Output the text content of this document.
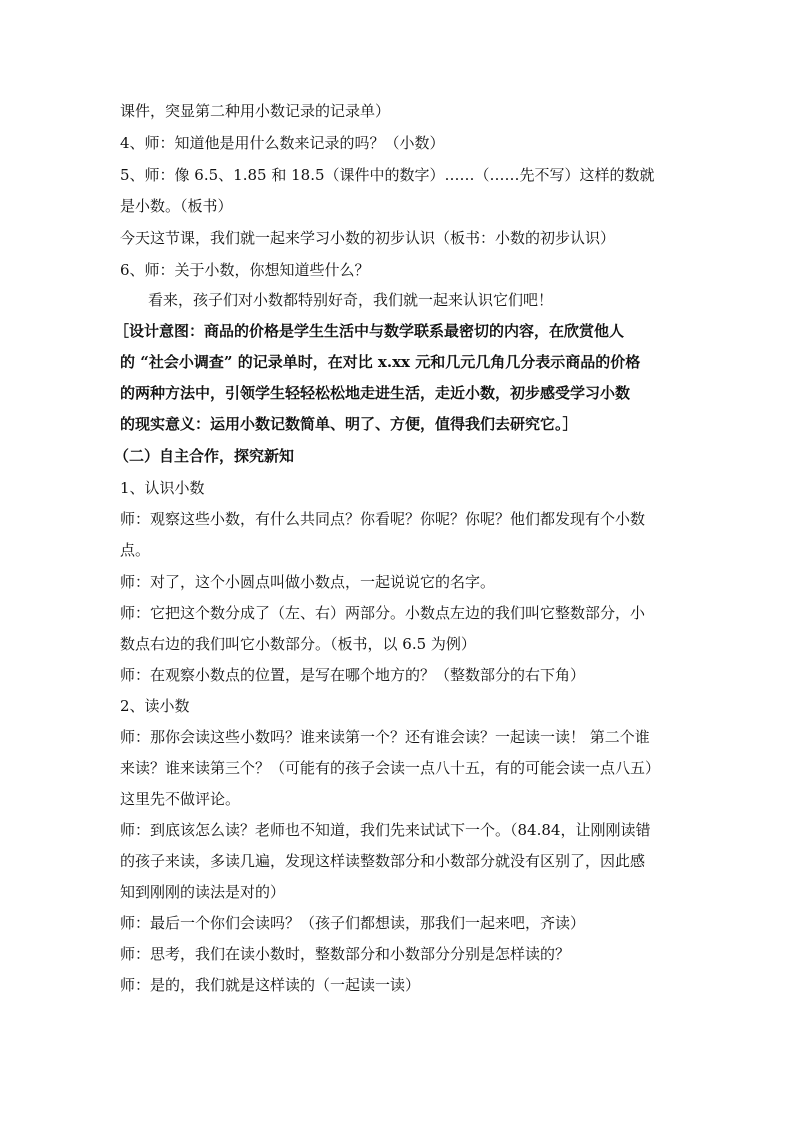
课件，突显第二种用小数记录的记录单）
4、师：知道他是用什么数来记录的吗？（小数）
5、师：像 6.5、1.85 和 18.5（课件中的数字）……（……先不写）这样的数就
是小数。（板书）
今天这节课，我们就一起来学习小数的初步认识（板书：小数的初步认识）
6、师：关于小数，你想知道些什么？
看来，孩子们对小数都特别好奇，我们就一起来认识它们吧！
［设计意图：商品的价格是学生生活中与数学联系最密切的内容，在欣赏他人
的 “社会小调查” 的记录单时，在对比 x.xx 元和几元几角几分表示商品的价格
的两种方法中，引领学生轻轻松松地走进生活，走近小数，初步感受学习小数
的现实意义：运用小数记数简单、明了、方便，值得我们去研究它。］
（二）自主合作，探究新知
1、认识小数
师：观察这些小数，有什么共同点？你看呢？你呢？你呢？他们都发现有个小数
点。
师：对了，这个小圆点叫做小数点，一起说说它的名字。
师：它把这个数分成了（左、右）两部分。小数点左边的我们叫它整数部分，小
数点右边的我们叫它小数部分。（板书，以 6.5 为例）
师：在观察小数点的位置，是写在哪个地方的？（整数部分的右下角）
2、读小数
师：那你会读这些小数吗？谁来读第一个？还有谁会读？一起读一读！ 第二个谁
来读？谁来读第三个？（可能有的孩子会读一点八十五，有的可能会读一点八五）
这里先不做评论。
师：到底该怎么读？老师也不知道，我们先来试试下一个。（84.84，让刚刚读错
的孩子来读，多读几遍，发现这样读整数部分和小数部分就没有区别了，因此感
知到刚刚的读法是对的）
师：最后一个你们会读吗？（孩子们都想读，那我们一起来吧，齐读）
师：思考，我们在读小数时，整数部分和小数部分分别是怎样读的？
师：是的，我们就是这样读的（一起读一读）
